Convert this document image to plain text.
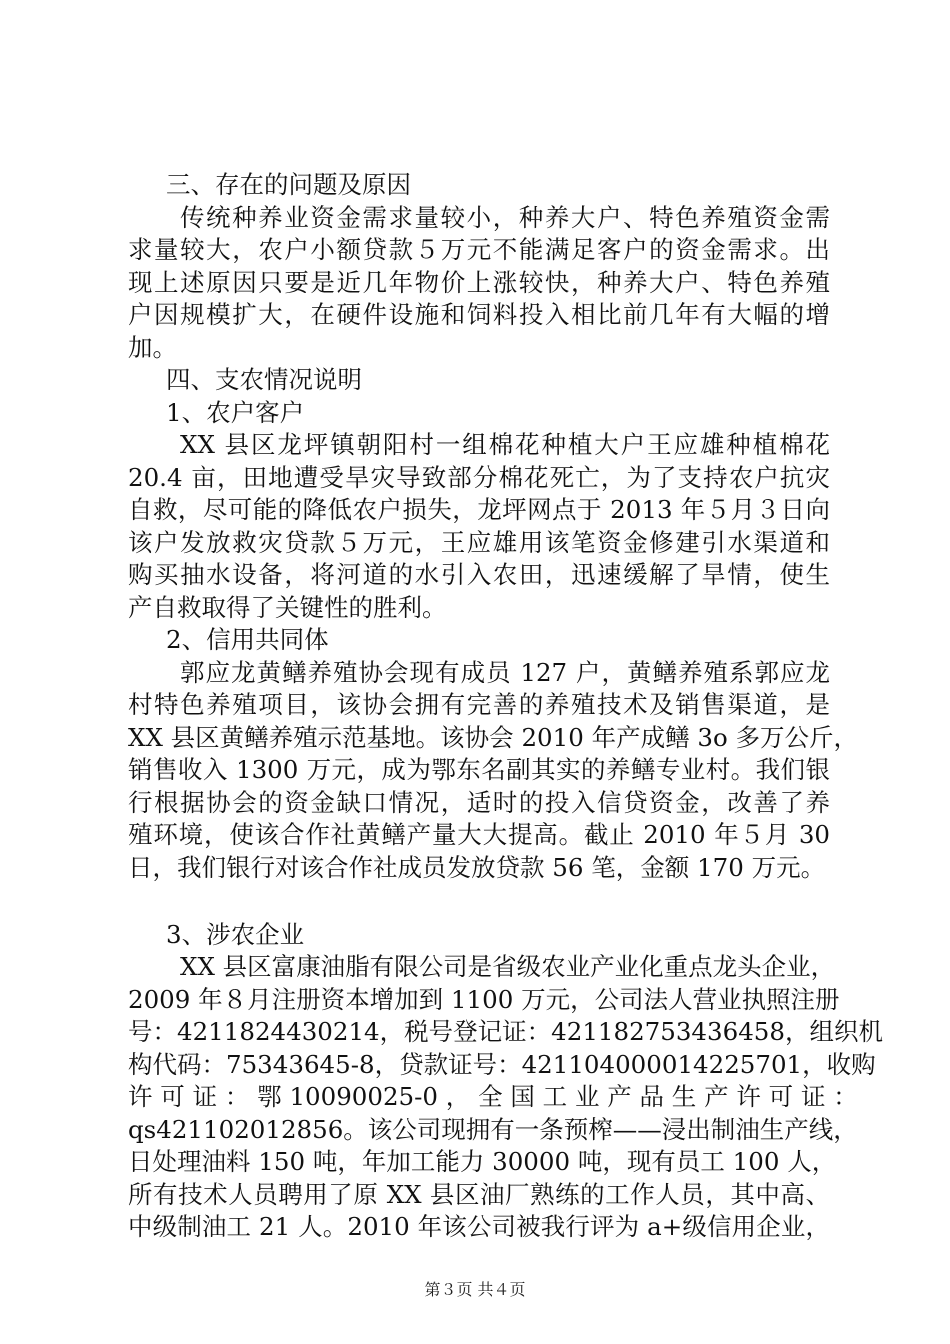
三、存在的问题及原因
传统种养业资金需求量较小，种养大户、特色养殖资金需
求量较大，农户小额贷款５万元不能满足客户的资金需求。出
现上述原因只要是近几年物价上涨较快，种养大户、特色养殖
户因规模扩大，在硬件设施和饲料投入相比前几年有大幅的增
加。
四、支农情况说明
1、农户客户
XX 县区龙坪镇朝阳村一组棉花种植大户王应雄种植棉花
20.4 亩，田地遭受旱灾导致部分棉花死亡，为了支持农户抗灾
自救，尽可能的降低农户损失，龙坪网点于 2013 年５月３日向
该户发放救灾贷款５万元，王应雄用该笔资金修建引水渠道和
购买抽水设备，将河道的水引入农田，迅速缓解了旱情，使生
产自救取得了关键性的胜利。
2、信用共同体
郭应龙黄鳝养殖协会现有成员 127 户，黄鳝养殖系郭应龙
村特色养殖项目，该协会拥有完善的养殖技术及销售渠道，是
XX 县区黄鳝养殖示范基地。该协会 2010 年产成鳝 3o 多万公斤，
销售收入 1300 万元，成为鄂东名副其实的养鳝专业村。我们银
行根据协会的资金缺口情况，适时的投入信贷资金，改善了养
殖环境，使该合作社黄鳝产量大大提高。截止 2010 年５月 30
日，我们银行对该合作社成员发放贷款 56 笔，金额 170 万元。
3、涉农企业
XX 县区富康油脂有限公司是省级农业产业化重点龙头企业，
2009 年８月注册资本增加到 1100 万元，公司法人营业执照注册
号：4211824430214，税号登记证：421182753436458，组织机
构代码：75343645-8，贷款证号：421104000014225701，收购
许 可 证 ： 鄂 10090025-0 ， 全 国 工 业 产 品 生 产 许 可 证 ：
qs421102012856。该公司现拥有一条预榨——浸出制油生产线，
日处理油料 150 吨，年加工能力 30000 吨，现有员工 100 人，
所有技术人员聘用了原 XX 县区油厂熟练的工作人员，其中高、
中级制油工 21 人。2010 年该公司被我行评为 a+级信用企业，
第３页 共４页
